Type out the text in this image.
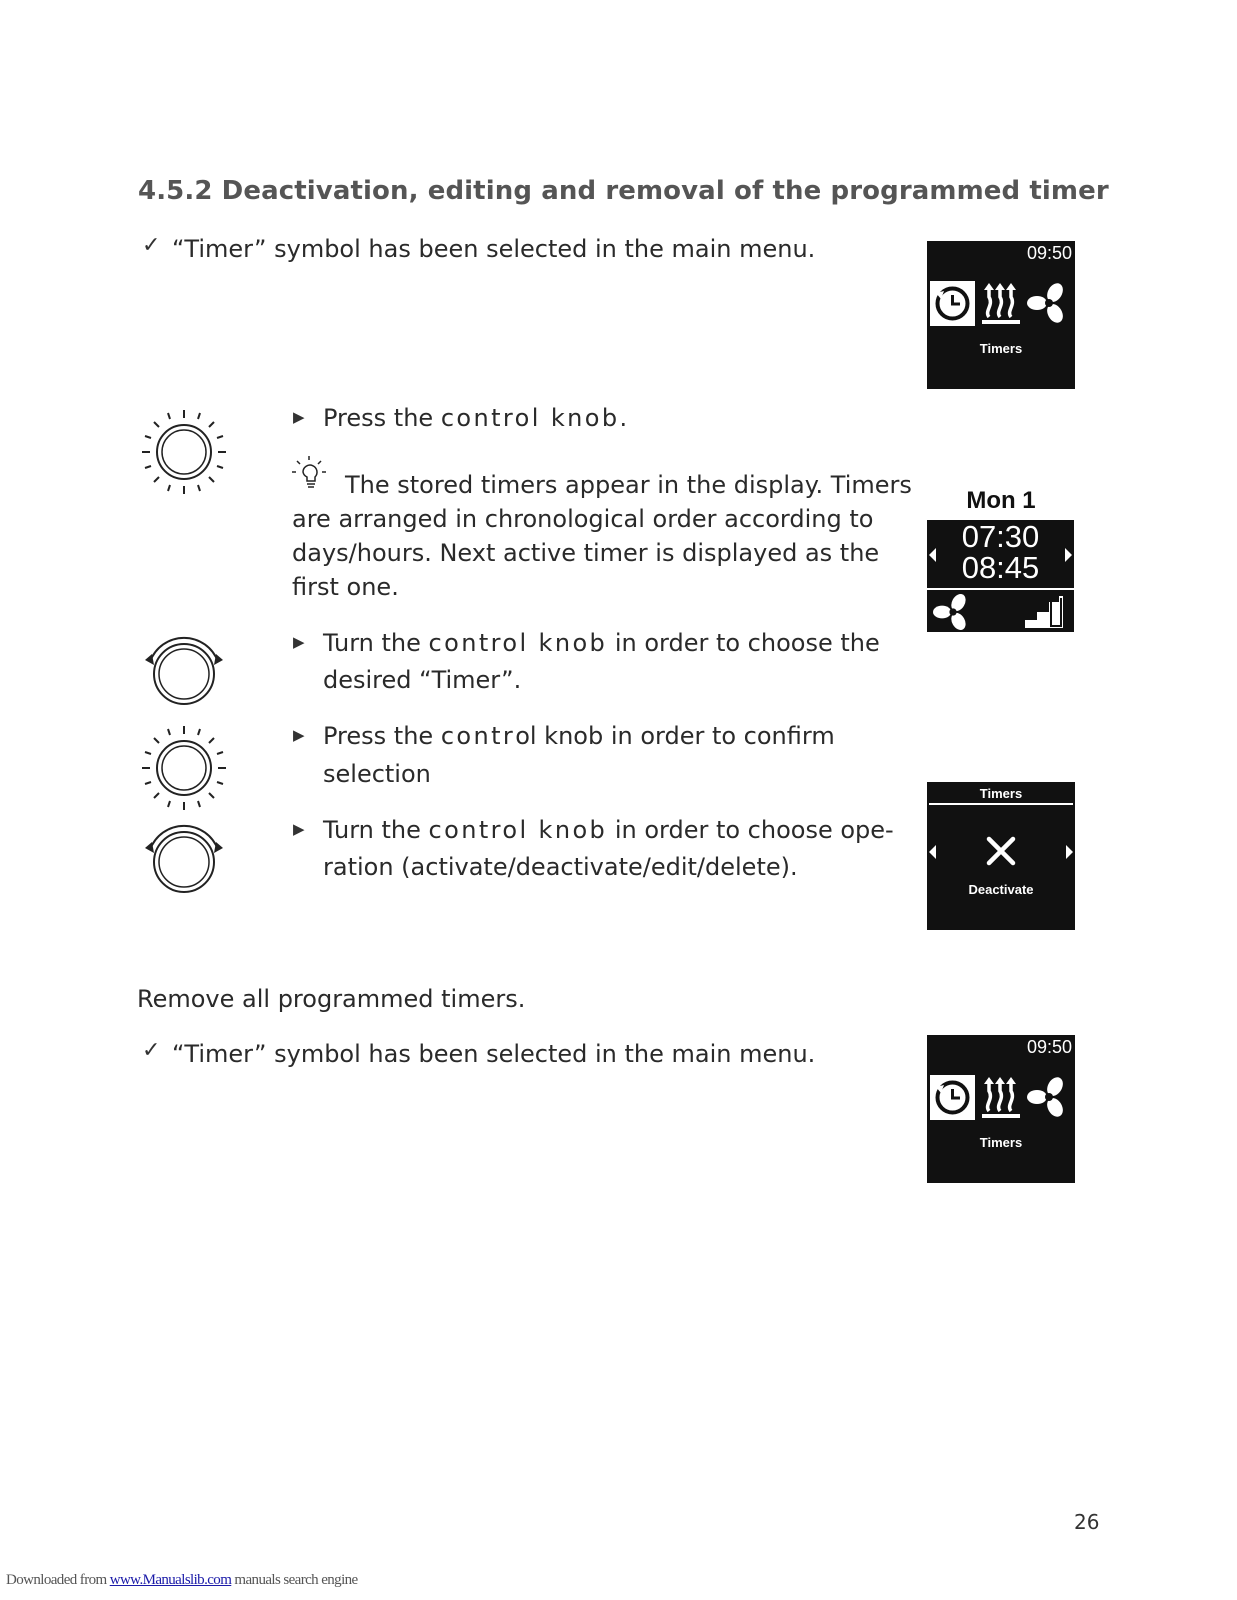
4.5.2 Deactivation, editing and removal of the programmed timer
✓ “Timer” symbol has been selected in the main menu.	09:50
Timers
▶ Press the control knob.
The stored timers appear in the display. Timers
are arranged in chronological order according to days/hours. Next active timer is displayed as the first one.
Mon 1
07:30
08:45
▶ Turn the control knob in order to choose the
desired “Timer”.
▶ Press the control knob in order to confirm
selection
▶ Turn the control knob in order to choose ope-
ration (activate/deactivate/edit/delete).
Timers
Deactivate
Remove all programmed timers.
✓ “Timer” symbol has been selected in the main menu.	09:50
Timers
26
Downloaded from www.Manualslib.com manuals search engine
